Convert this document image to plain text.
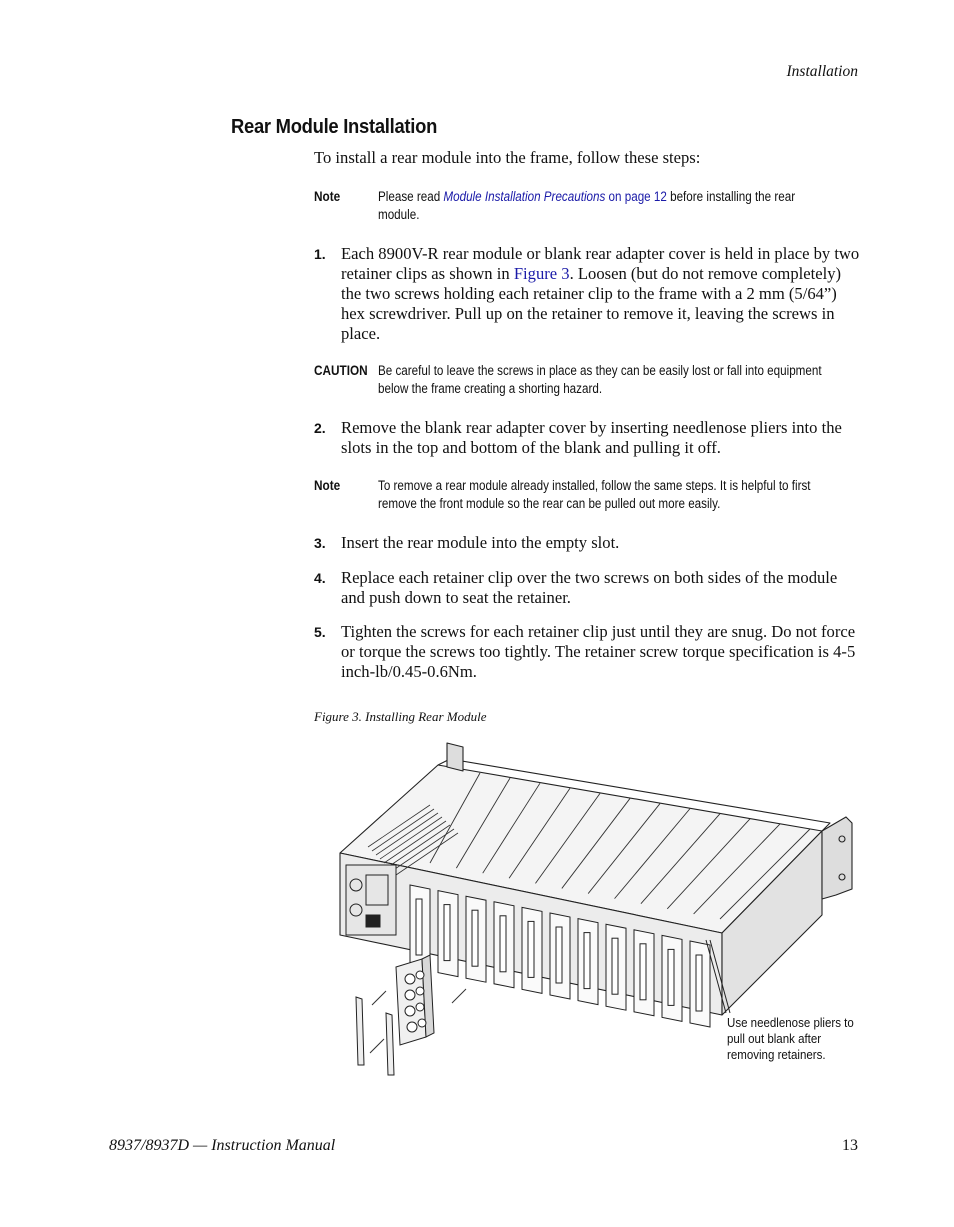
Installation
Rear Module Installation
To install a rear module into the frame, follow these steps:
Note	Please read Module Installation Precautions on page 12 before installing the rear module.
1. Each 8900V-R rear module or blank rear adapter cover is held in place by two retainer clips as shown in Figure 3. Loosen (but do not remove completely) the two screws holding each retainer clip to the frame with a 2 mm (5/64”) hex screwdriver. Pull up on the retainer to remove it, leaving the screws in place.
CAUTION Be careful to leave the screws in place as they can be easily lost or fall into equipment below the frame creating a shorting hazard.
2. Remove the blank rear adapter cover by inserting needlenose pliers into the slots in the top and bottom of the blank and pulling it off.
Note	To remove a rear module already installed, follow the same steps. It is helpful to first remove the front module so the rear can be pulled out more easily.
3. Insert the rear module into the empty slot.
4. Replace each retainer clip over the two screws on both sides of the module and push down to seat the retainer.
5. Tighten the screws for each retainer clip just until they are snug. Do not force or torque the screws too tightly. The retainer screw torque specification is 4-5 inch-lb/0.45-0.6Nm.
Figure 3. Installing Rear Module
Use needlenose pliers to pull out blank after removing retainers.
8937/8937D — Instruction Manual	13
